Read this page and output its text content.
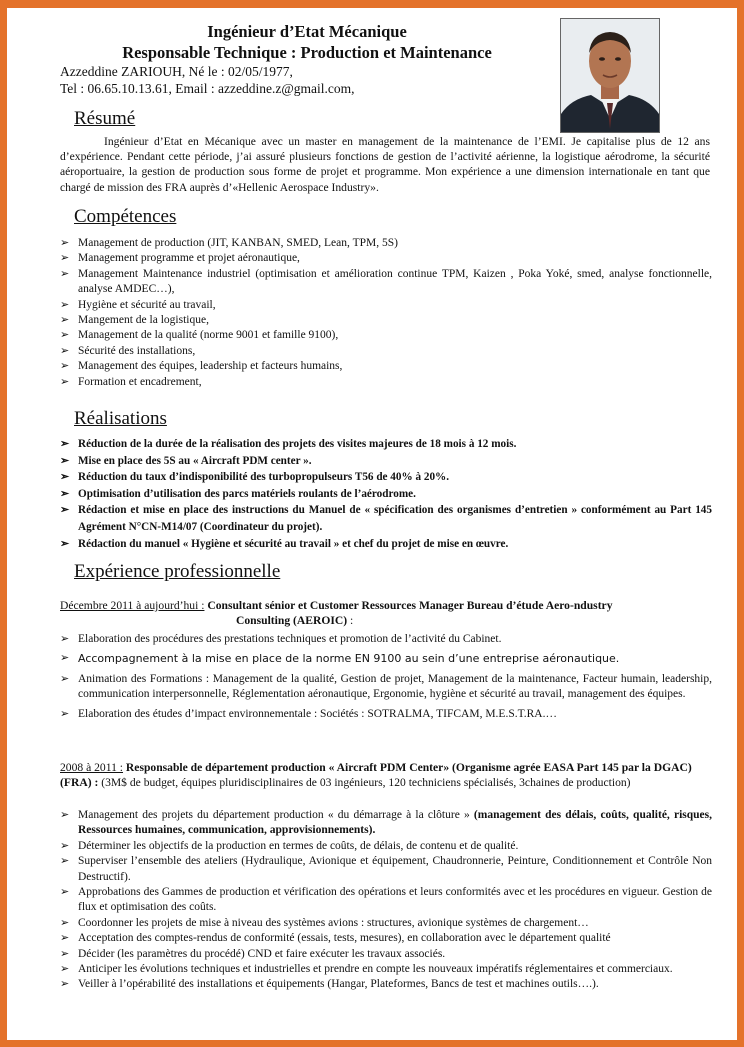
Ingénieur d’Etat Mécanique
Responsable Technique : Production et Maintenance
Azzeddine ZARIOUH, Né le : 02/05/1977,
Tel : 06.65.10.13.61, Email : azzeddine.z@gmail.com,
Résumé
Ingénieur d’Etat en Mécanique avec un master en management de la maintenance de l’EMI. Je capitalise plus de 12 ans d’expérience. Pendant cette période, j’ai assuré plusieurs fonctions de gestion de l’activité aérienne, la logistique aérodrome, la sécurité aéroportuaire, la gestion de production sous forme de projet et programme. Mon expérience a une dimension internationale en tant que chargé de mission des FRA auprès d’«Hellenic Aerospace Industry».
Compétences
➢ Management de production (JIT, KANBAN, SMED, Lean, TPM, 5S)
➢ Management programme et projet aéronautique,
➢ Management Maintenance industriel (optimisation et amélioration continue TPM, Kaizen , Poka Yoké, smed, analyse fonctionnelle, analyse AMDEC…),
➢ Hygiène et sécurité au travail,
➢ Mangement de la logistique,
➢ Management de la qualité (norme 9001 et famille 9100),
➢ Sécurité des installations,
➢ Management des équipes, leadership et facteurs humains,
➢ Formation et encadrement,
Réalisations
➢ Réduction de la durée de la réalisation des projets des visites majeures de 18 mois à 12 mois.
➢ Mise en place des 5S au « Aircraft PDM center ».
➢ Réduction du taux d’indisponibilité des turbopropulseurs T56 de 40% à 20%.
➢ Optimisation d’utilisation des parcs matériels roulants de l’aérodrome.
➢ Rédaction et mise en place des instructions du Manuel de « spécification des organismes d’entretien » conformément au Part 145 Agrément N°CN-M14/07 (Coordinateur du projet).
➢ Rédaction du manuel « Hygiène et sécurité au travail » et chef du projet de mise en œuvre.
Expérience professionnelle
Décembre 2011 à aujourd’hui : Consultant sénior et Customer Ressources Manager Bureau d’étude Aero-ndustry
Consulting (AEROIC) :
➢ Elaboration des procédures des prestations techniques et promotion de l’activité du Cabinet.
➢ Accompagnement à la mise en place de la norme EN 9100 au sein d’une entreprise aéronautique.
➢ Animation des Formations : Management de la qualité, Gestion de projet, Management de la maintenance, Facteur humain, leadership, communication interpersonnelle, Réglementation aéronautique, Ergonomie, hygiène et sécurité au travail, management des équipes.
➢ Elaboration des études d’impact environnementale : Sociétés : SOTRALMA, TIFCAM, M.E.S.T.RA.…
2008 à 2011 : Responsable de département production « Aircraft PDM Center» (Organisme agrée EASA Part 145 par la DGAC) (FRA) : (3M$ de budget, équipes pluridisciplinaires de 03 ingénieurs, 120 techniciens spécialisés, 3chaines de production)
➢ Management des projets du département production « du démarrage à la clôture » (management des délais, coûts, qualité, risques, Ressources humaines, communication, approvisionnements).
➢ Déterminer les objectifs de la production en termes de coûts, de délais, de contenu et de qualité.
➢ Superviser l’ensemble des ateliers (Hydraulique, Avionique et équipement, Chaudronnerie, Peinture, Conditionnement et Contrôle Non Destructif).
➢ Approbations des Gammes de production et vérification des opérations et leurs conformités avec et les procédures en vigueur. Gestion de flux et optimisation des coûts.
➢ Coordonner les projets de mise à niveau des systèmes avions : structures, avionique systèmes de chargement…
➢ Acceptation des comptes-rendus de conformité (essais, tests, mesures), en collaboration avec le département qualité
➢ Décider (les paramètres du procédé) CND et faire exécuter les travaux associés.
➢ Anticiper les évolutions techniques et industrielles et prendre en compte les nouveaux impératifs réglementaires et commerciaux.
➢ Veiller à l’opérabilité des installations et équipements (Hangar, Plateformes, Bancs de test et machines outils….).
